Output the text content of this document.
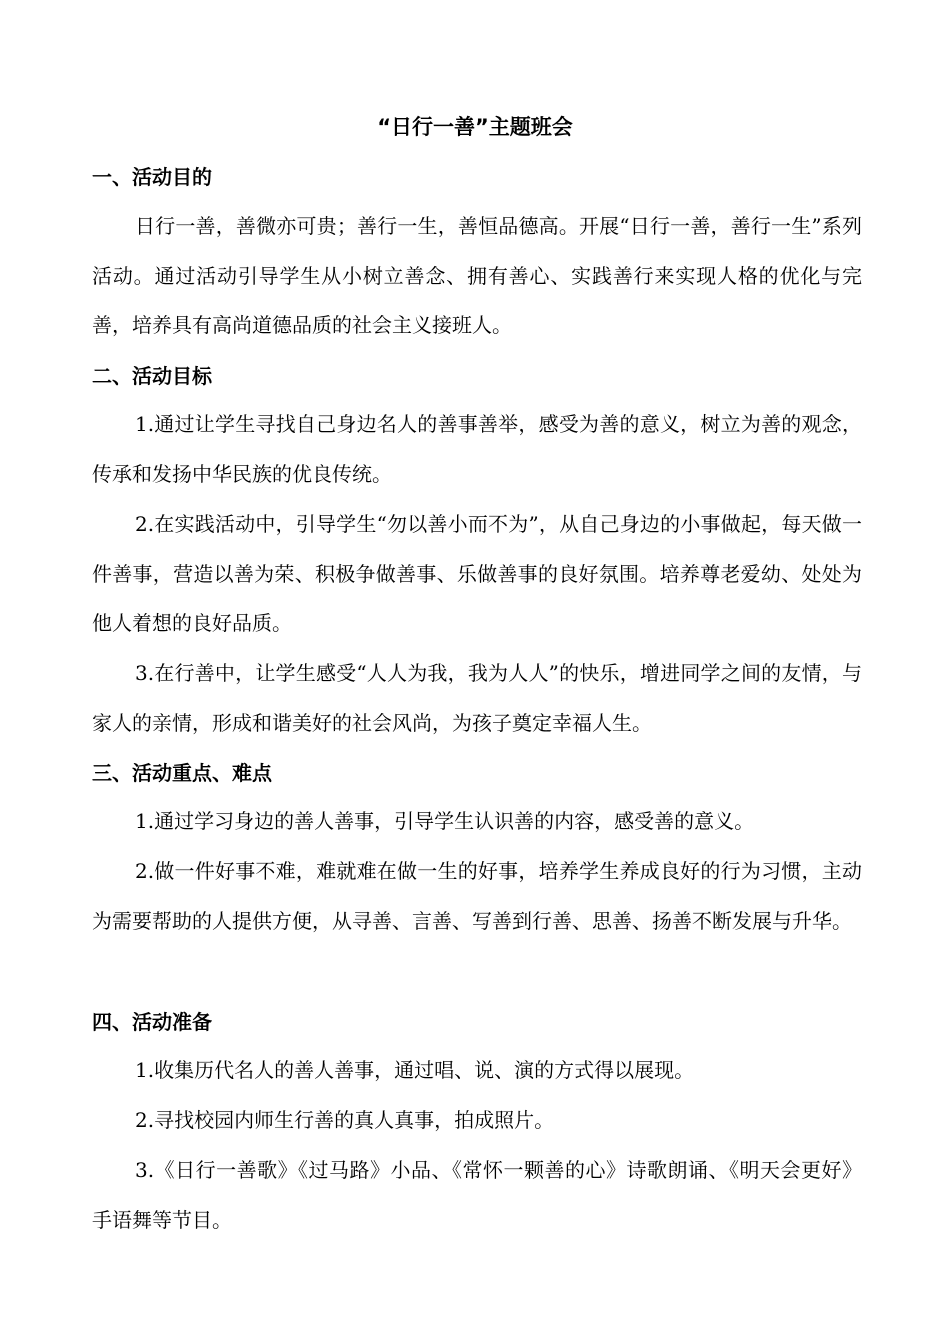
“日行一善”主题班会
一、活动目的

日行一善，善微亦可贵；善行一生，善恒品德高。开展“日行一善，善行一生”系列活动。通过活动引导学生从小树立善念、拥有善心、实践善行来实现人格的优化与完善，培养具有高尚道德品质的社会主义接班人。

二、活动目标

1.通过让学生寻找自己身边名人的善事善举，感受为善的意义，树立为善的观念，传承和发扬中华民族的优良传统。

2.在实践活动中，引导学生“勿以善小而不为”，从自己身边的小事做起，每天做一件善事，营造以善为荣、积极争做善事、乐做善事的良好氛围。培养尊老爱幼、处处为他人着想的良好品质。

3.在行善中，让学生感受“人人为我，我为人人”的快乐，增进同学之间的友情，与家人的亲情，形成和谐美好的社会风尚，为孩子奠定幸福人生。

三、活动重点、难点

1.通过学习身边的善人善事，引导学生认识善的内容，感受善的意义。

2.做一件好事不难，难就难在做一生的好事，培养学生养成良好的行为习惯，主动为需要帮助的人提供方便，从寻善、言善、写善到行善、思善、扬善不断发展与升华。

四、活动准备

1.收集历代名人的善人善事，通过唱、说、演的方式得以展现。

2.寻找校园内师生行善的真人真事，拍成照片。

3.《日行一善歌》《过马路》小品、《常怀一颗善的心》诗歌朗诵、《明天会更好》手语舞等节目。
